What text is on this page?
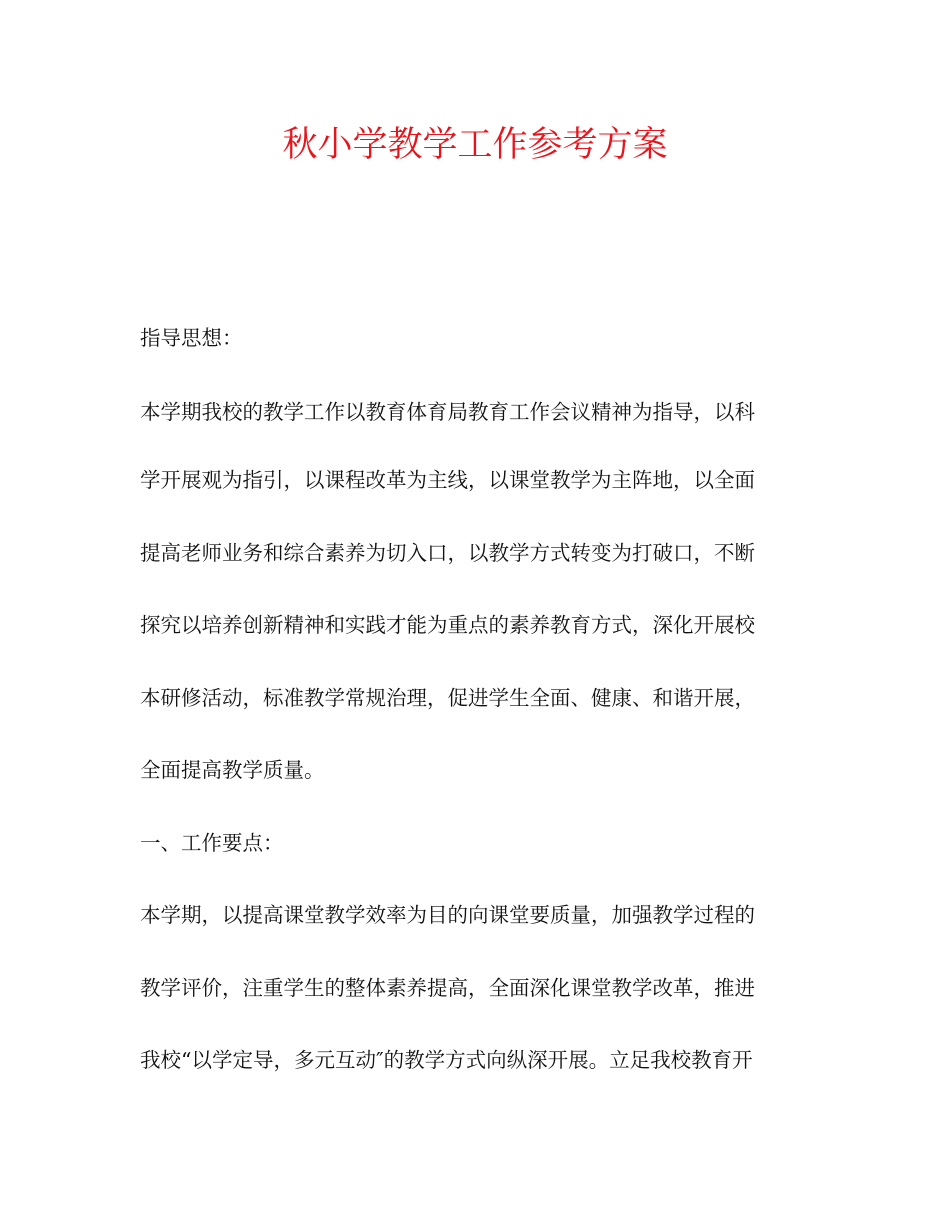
秋小学教学工作参考方案
指导思想：
本学期我校的教学工作以教育体育局教育工作会议精神为指导，以科
学开展观为指引，以课程改革为主线，以课堂教学为主阵地，以全面
提高老师业务和综合素养为切入口，以教学方式转变为打破口，不断
探究以培养创新精神和实践才能为重点的素养教育方式，深化开展校
本研修活动，标准教学常规治理，促进学生全面、健康、和谐开展，
全面提高教学质量。
一、工作要点：
本学期，以提高课堂教学效率为目的向课堂要质量，加强教学过程的
教学评价，注重学生的整体素养提高，全面深化课堂教学改革，推进
我校“以学定导，多元互动″的教学方式向纵深开展。立足我校教育开
